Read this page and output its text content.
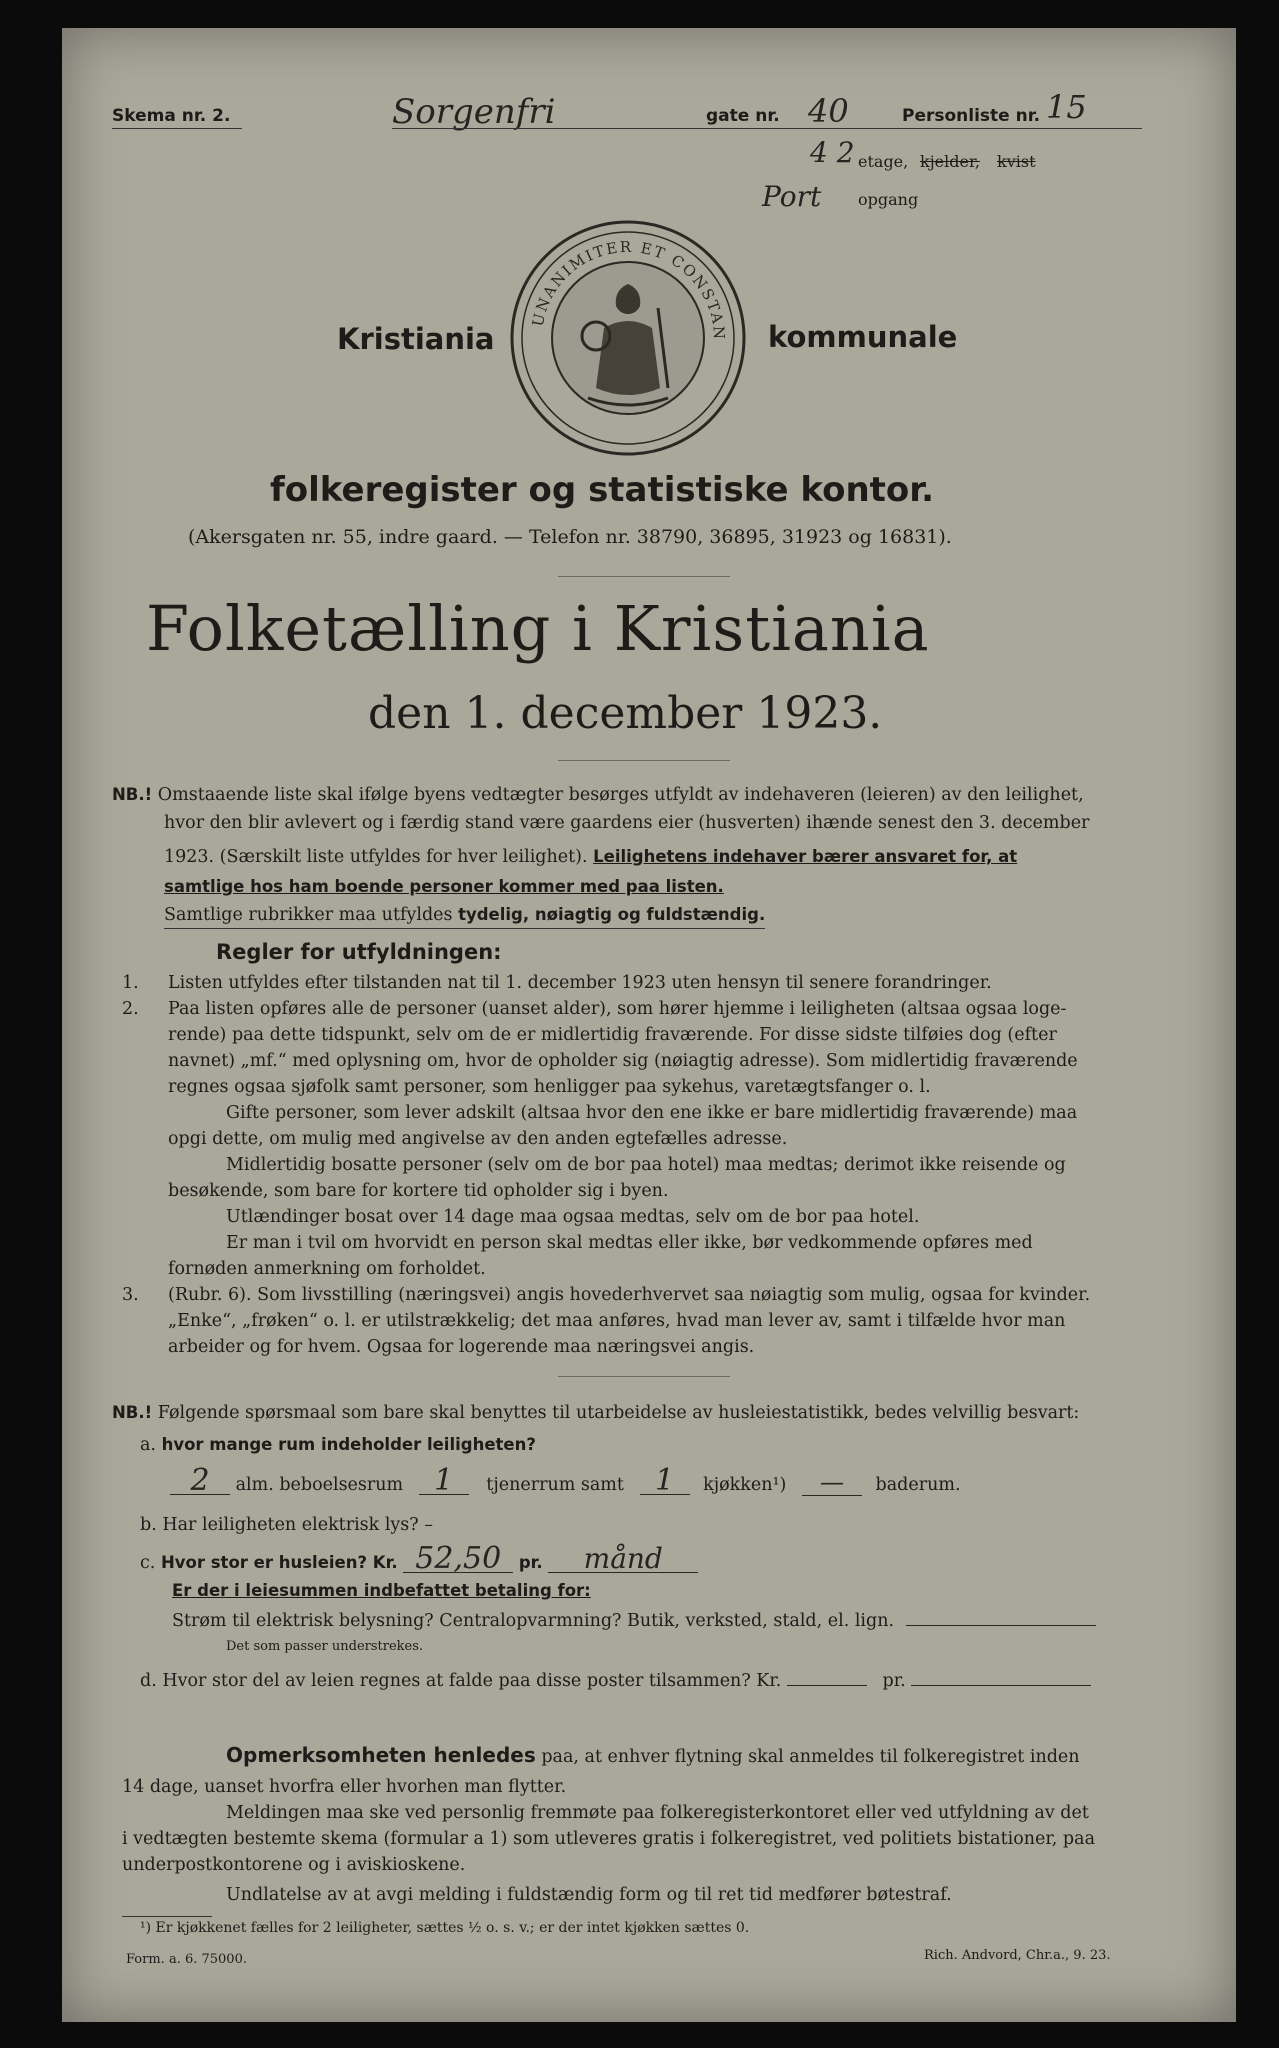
Skema nr. 2.	Sorgenfri	gate nr. 40	Personliste nr. 15
4 2 etage, kjelder, kvist
Port opgang
UNANIMITER ET CONSTAN
Kristiania	kommunale
folkeregister og statistiske kontor.
(Akersgaten nr. 55, indre gaard. — Telefon nr. 38790, 36895, 31923 og 16831).
Folketælling i Kristiania
den 1. december 1923.
NB.! Omstaaende liste skal ifølge byens vedtægter besørges utfyldt av indehaveren (leieren) av den leilighet,
hvor den blir avlevert og i færdig stand være gaardens eier (husverten) ihænde senest den 3. december
1923. (Særskilt liste utfyldes for hver leilighet). Leilighetens indehaver bærer ansvaret for, at
samtlige hos ham boende personer kommer med paa listen.
Samtlige rubrikker maa utfyldes tydelig, nøiagtig og fuldstændig.
Regler for utfyldningen:
1. Listen utfyldes efter tilstanden nat til 1. december 1923 uten hensyn til senere forandringer.
2. Paa listen opføres alle de personer (uanset alder), som hører hjemme i leiligheten (altsaa ogsaa loge-
rende) paa dette tidspunkt, selv om de er midlertidig fraværende. For disse sidste tilføies dog (efter
navnet) „mf.“ med oplysning om, hvor de opholder sig (nøiagtig adresse). Som midlertidig fraværende
regnes ogsaa sjøfolk samt personer, som henligger paa sykehus, varetægtsfanger o. l.
Gifte personer, som lever adskilt (altsaa hvor den ene ikke er bare midlertidig fraværende) maa
opgi dette, om mulig med angivelse av den anden egtefælles adresse.
Midlertidig bosatte personer (selv om de bor paa hotel) maa medtas; derimot ikke reisende og
besøkende, som bare for kortere tid opholder sig i byen.
Utlændinger bosat over 14 dage maa ogsaa medtas, selv om de bor paa hotel.
Er man i tvil om hvorvidt en person skal medtas eller ikke, bør vedkommende opføres med
fornøden anmerkning om forholdet.
3. (Rubr. 6). Som livsstilling (næringsvei) angis hovederhvervet saa nøiagtig som mulig, ogsaa for kvinder.
„Enke“, „frøken“ o. l. er utilstrækkelig; det maa anføres, hvad man lever av, samt i tilfælde hvor man
arbeider og for hvem. Ogsaa for logerende maa næringsvei angis.
NB.! Følgende spørsmaal som bare skal benyttes til utarbeidelse av husleiestatistikk, bedes velvillig besvart:
a. hvor mange rum indeholder leiligheten?
2 alm. beboelsesrum 1 tjenerrum samt 1 kjøkken¹) — baderum.
b. Har leiligheten elektrisk lys? –
c. Hvor stor er husleien? Kr. 52,50 pr. månd
Er der i leiesummen indbefattet betaling for:
Strøm til elektrisk belysning? Centralopvarmning? Butik, verksted, stald, el. lign.
Det som passer understrekes.
d. Hvor stor del av leien regnes at falde paa disse poster tilsammen? Kr.	pr.
Opmerksomheten henledes paa, at enhver flytning skal anmeldes til folkeregistret inden
14 dage, uanset hvorfra eller hvorhen man flytter.
Meldingen maa ske ved personlig fremmøte paa folkeregisterkontoret eller ved utfyldning av det
i vedtægten bestemte skema (formular a 1) som utleveres gratis i folkeregistret, ved politiets bistationer, paa
underpostkontorene og i aviskioskene.
Undlatelse av at avgi melding i fuldstændig form og til ret tid medfører bøtestraf.
¹) Er kjøkkenet fælles for 2 leiligheter, sættes ½ o. s. v.; er der intet kjøkken sættes 0.
Form. a. 6. 75000.	Rich. Andvord, Chr.a., 9. 23.
